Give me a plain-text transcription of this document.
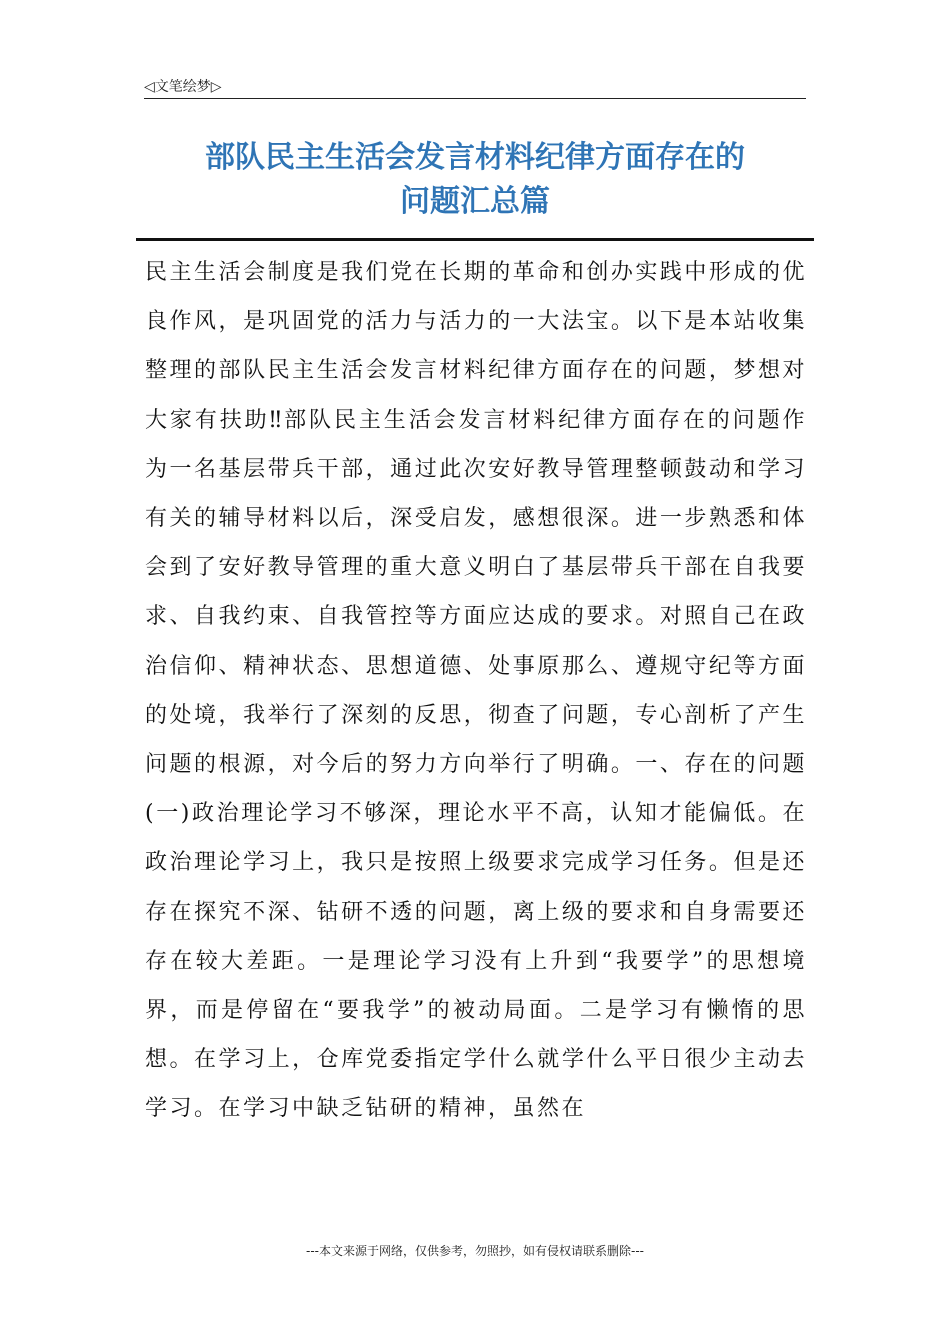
◁文笔绘梦▷
部队民主生活会发言材料纪律方面存在的
问题汇总篇

民主生活会制度是我们党在长期的革命和创办实践中形成的优良作风，是巩固党的活力与活力的一大法宝。以下是本站收集整理的部队民主生活会发言材料纪律方面存在的问题，梦想对大家有扶助‼部队民主生活会发言材料纪律方面存在的问题作为一名基层带兵干部，通过此次安好教导管理整顿鼓动和学习有关的辅导材料以后，深受启发，感想很深。进一步熟悉和体会到了安好教导管理的重大意义明白了基层带兵干部在自我要求、自我约束、自我管控等方面应达成的要求。对照自己在政治信仰、精神状态、思想道德、处事原那么、遵规守纪等方面的处境，我举行了深刻的反思，彻查了问题，专心剖析了产生问题的根源，对今后的努力方向举行了明确。一、存在的问题(一)政治理论学习不够深，理论水平不高，认知才能偏低。在政治理论学习上，我只是按照上级要求完成学习任务。但是还存在探究不深、钻研不透的问题，离上级的要求和自身需要还存在较大差距。一是理论学习没有上升到“我要学”的思想境界，而是停留在“要我学”的被动局面。二是学习有懒惰的思想。在学习上，仓库党委指定学什么就学什么平日很少主动去学习。在学习中缺乏钻研的精神，虽然在

---本文来源于网络，仅供参考，勿照抄，如有侵权请联系删除---
